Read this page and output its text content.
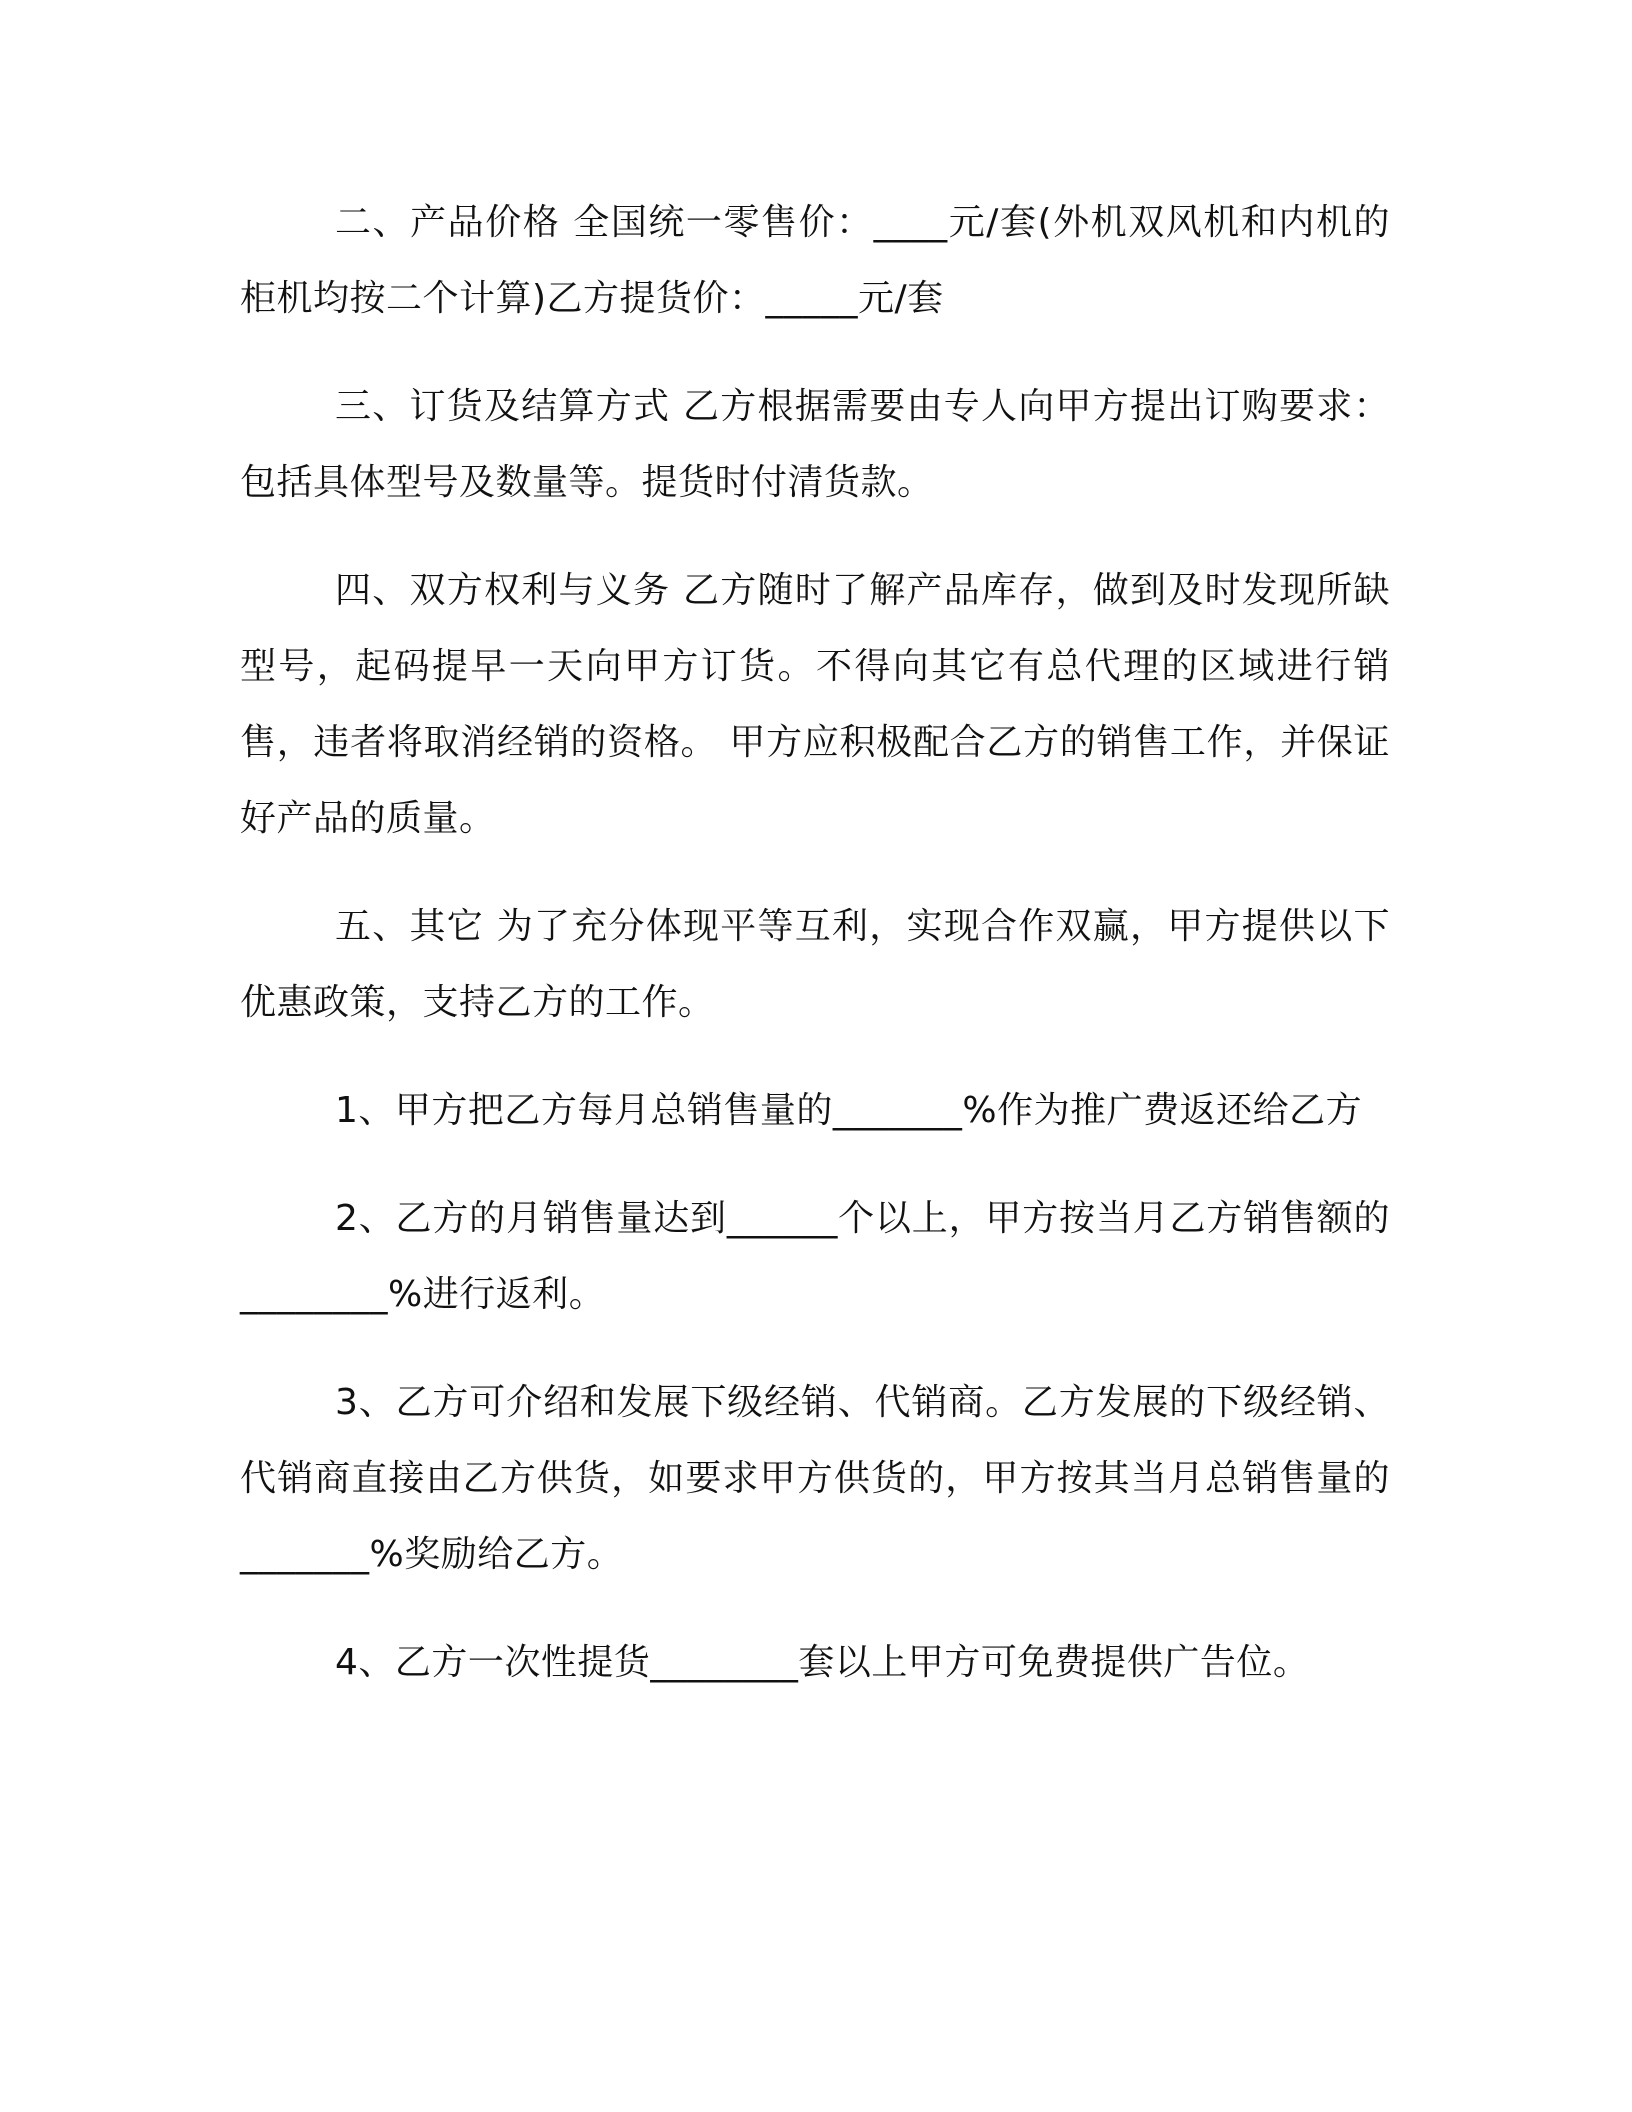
二、产品价格 全国统一零售价：____元/套(外机双风机和内机的柜机均按二个计算)乙方提货价：_____元/套

三、订货及结算方式 乙方根据需要由专人向甲方提出订购要求：包括具体型号及数量等。提货时付清货款。

四、双方权利与义务 乙方随时了解产品库存，做到及时发现所缺型号，起码提早一天向甲方订货。不得向其它有总代理的区域进行销售，违者将取消经销的资格。 甲方应积极配合乙方的销售工作，并保证好产品的质量。

五、其它 为了充分体现平等互利，实现合作双赢，甲方提供以下优惠政策，支持乙方的工作。

1、甲方把乙方每月总销售量的_______%作为推广费返还给乙方

2、乙方的月销售量达到______个以上，甲方按当月乙方销售额的________%进行返利。

3、乙方可介绍和发展下级经销、代销商。乙方发展的下级经销、代销商直接由乙方供货，如要求甲方供货的，甲方按其当月总销售量的_______%奖励给乙方。

4、乙方一次性提货________套以上甲方可免费提供广告位。
